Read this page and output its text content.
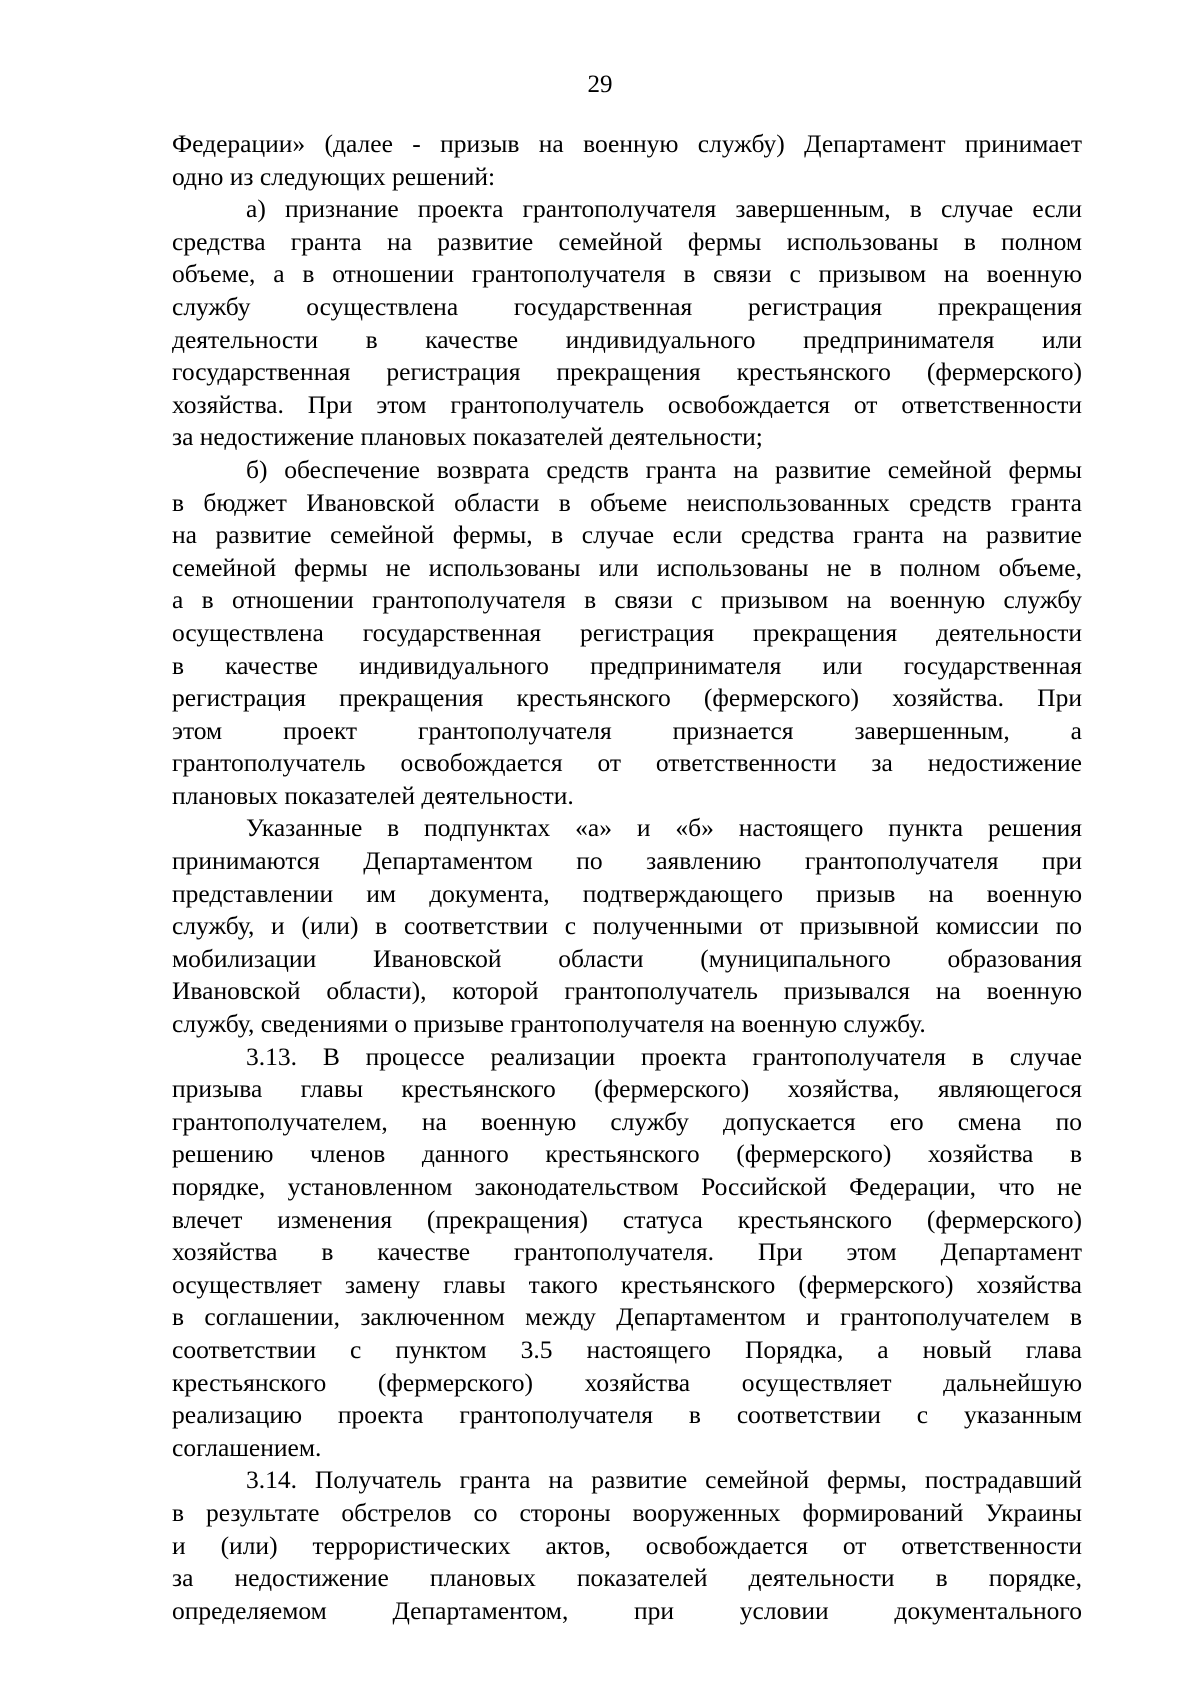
29
Федерации» (далее - призыв на военную службу) Департамент принимает
одно из следующих решений:
а) признание проекта грантополучателя завершенным, в случае если
средства гранта на развитие семейной фермы использованы в полном
объеме, а в отношении грантополучателя в связи с призывом на военную
службу осуществлена государственная регистрация прекращения
деятельности в качестве индивидуального предпринимателя или
государственная регистрация прекращения крестьянского (фермерского)
хозяйства. При этом грантополучатель освобождается от ответственности
за недостижение плановых показателей деятельности;
б) обеспечение возврата средств гранта на развитие семейной фермы
в бюджет Ивановской области в объеме неиспользованных средств гранта
на развитие семейной фермы, в случае если средства гранта на развитие
семейной фермы не использованы или использованы не в полном объеме,
а в отношении грантополучателя в связи с призывом на военную службу
осуществлена государственная регистрация прекращения деятельности
в качестве индивидуального предпринимателя или государственная
регистрация прекращения крестьянского (фермерского) хозяйства. При
этом проект грантополучателя признается завершенным, а
грантополучатель освобождается от ответственности за недостижение
плановых показателей деятельности.
Указанные в подпунктах «а» и «б» настоящего пункта решения
принимаются Департаментом по заявлению грантополучателя при
представлении им документа, подтверждающего призыв на военную
службу, и (или) в соответствии с полученными от призывной комиссии по
мобилизации Ивановской области (муниципального образования
Ивановской области), которой грантополучатель призывался на военную
службу, сведениями о призыве грантополучателя на военную службу.
3.13. В процессе реализации проекта грантополучателя в случае
призыва главы крестьянского (фермерского) хозяйства, являющегося
грантополучателем, на военную службу допускается его смена по
решению членов данного крестьянского (фермерского) хозяйства в
порядке, установленном законодательством Российской Федерации, что не
влечет изменения (прекращения) статуса крестьянского (фермерского)
хозяйства в качестве грантополучателя. При этом Департамент
осуществляет замену главы такого крестьянского (фермерского) хозяйства
в соглашении, заключенном между Департаментом и грантополучателем в
соответствии с пунктом 3.5 настоящего Порядка, а новый глава
крестьянского (фермерского) хозяйства осуществляет дальнейшую
реализацию проекта грантополучателя в соответствии с указанным
соглашением.
3.14. Получатель гранта на развитие семейной фермы, пострадавший
в результате обстрелов со стороны вооруженных формирований Украины
и (или) террористических актов, освобождается от ответственности
за недостижение плановых показателей деятельности в порядке,
определяемом Департаментом, при условии документального
